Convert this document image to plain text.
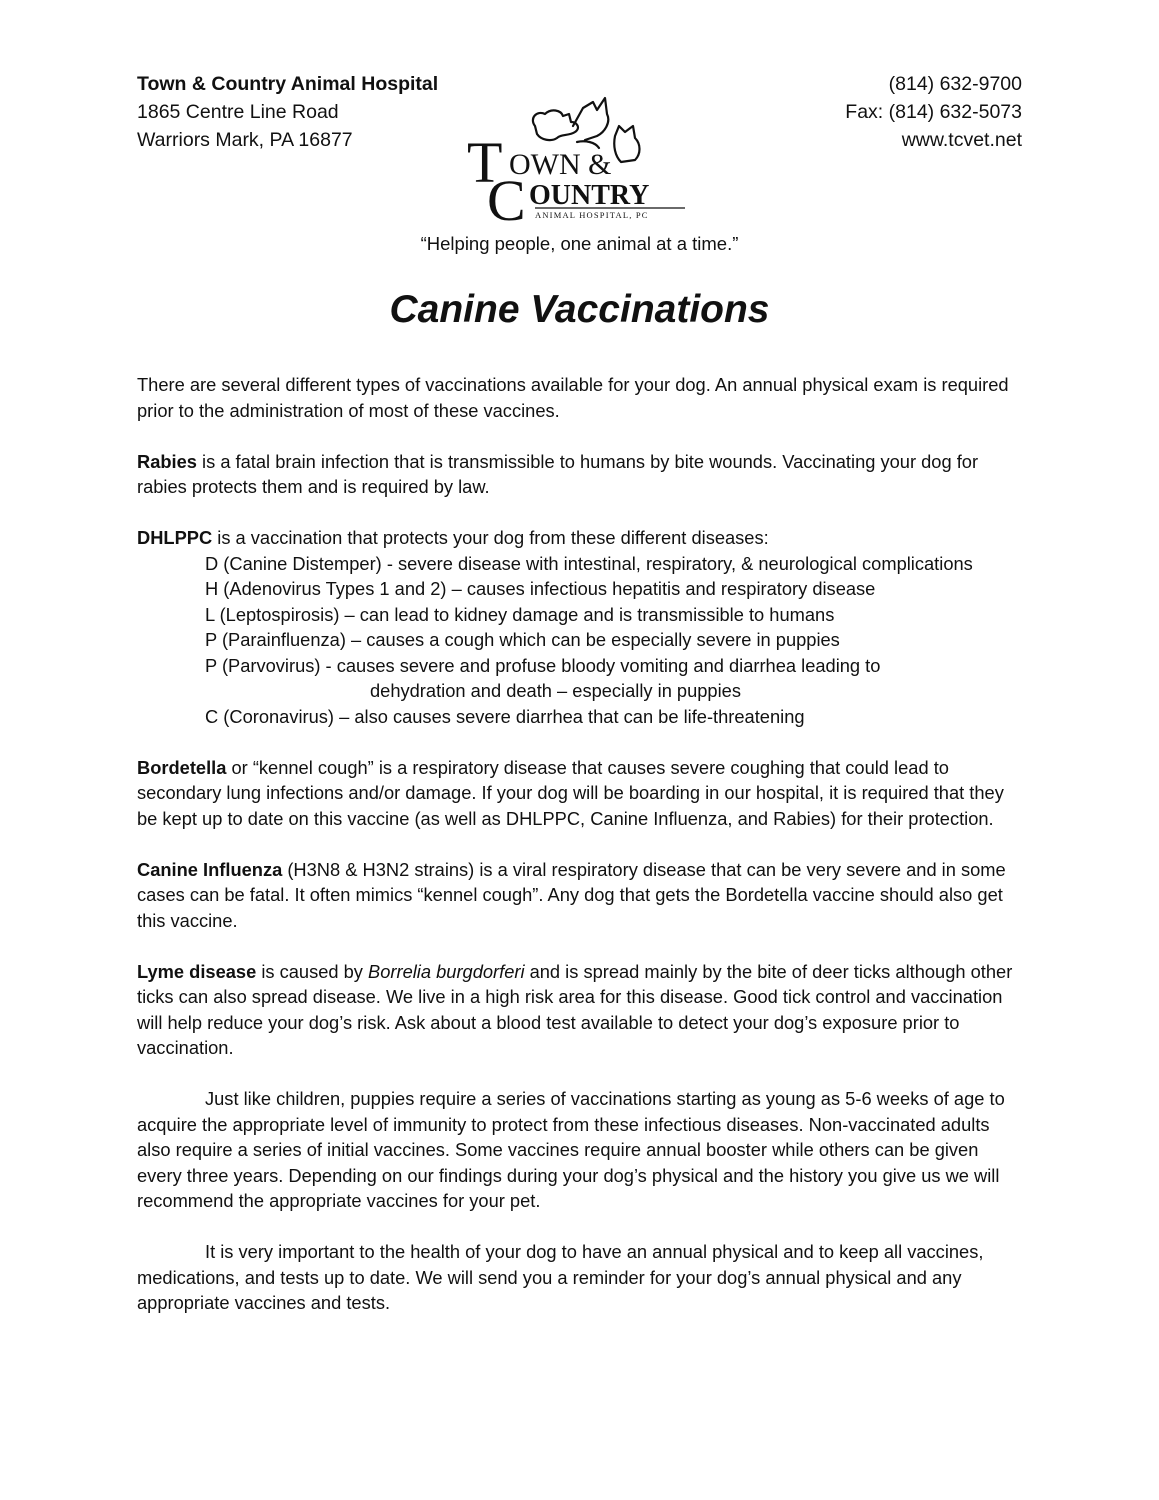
Town & Country Animal Hospital
1865 Centre Line Road
Warriors Mark, PA 16877
(814) 632-9700
Fax: (814) 632-5073
www.tcvet.net
T OWN &
C OUNTRY
ANIMAL HOSPITAL, PC
“Helping people, one animal at a time.”
Canine Vaccinations

There are several different types of vaccinations available for your dog. An annual physical exam is required prior to the administration of most of these vaccines.

Rabies is a fatal brain infection that is transmissible to humans by bite wounds. Vaccinating your dog for rabies protects them and is required by law.

DHLPPC is a vaccination that protects your dog from these different diseases:

D (Canine Distemper) - severe disease with intestinal, respiratory, & neurological complications
H (Adenovirus Types 1 and 2) – causes infectious hepatitis and respiratory disease
L (Leptospirosis) – can lead to kidney damage and is transmissible to humans
P (Parainfluenza) – causes a cough which can be especially severe in puppies
P (Parvovirus) - causes severe and profuse bloody vomiting and diarrhea leading to
dehydration and death – especially in puppies
C (Coronavirus) – also causes severe diarrhea that can be life-threatening

Bordetella or “kennel cough” is a respiratory disease that causes severe coughing that could lead to secondary lung infections and/or damage. If your dog will be boarding in our hospital, it is required that they be kept up to date on this vaccine (as well as DHLPPC, Canine Influenza, and Rabies) for their protection.

Canine Influenza (H3N8 & H3N2 strains) is a viral respiratory disease that can be very severe and in some cases can be fatal. It often mimics “kennel cough”. Any dog that gets the Bordetella vaccine should also get this vaccine.

Lyme disease is caused by Borrelia burgdorferi and is spread mainly by the bite of deer ticks although other ticks can also spread disease. We live in a high risk area for this disease. Good tick control and vaccination will help reduce your dog’s risk. Ask about a blood test available to detect your dog’s exposure prior to vaccination.

Just like children, puppies require a series of vaccinations starting as young as 5-6 weeks of age to acquire the appropriate level of immunity to protect from these infectious diseases. Non-vaccinated adults also require a series of initial vaccines. Some vaccines require annual booster while others can be given every three years. Depending on our findings during your dog’s physical and the history you give us we will recommend the appropriate vaccines for your pet.

It is very important to the health of your dog to have an annual physical and to keep all vaccines, medications, and tests up to date. We will send you a reminder for your dog’s annual physical and any appropriate vaccines and tests.
